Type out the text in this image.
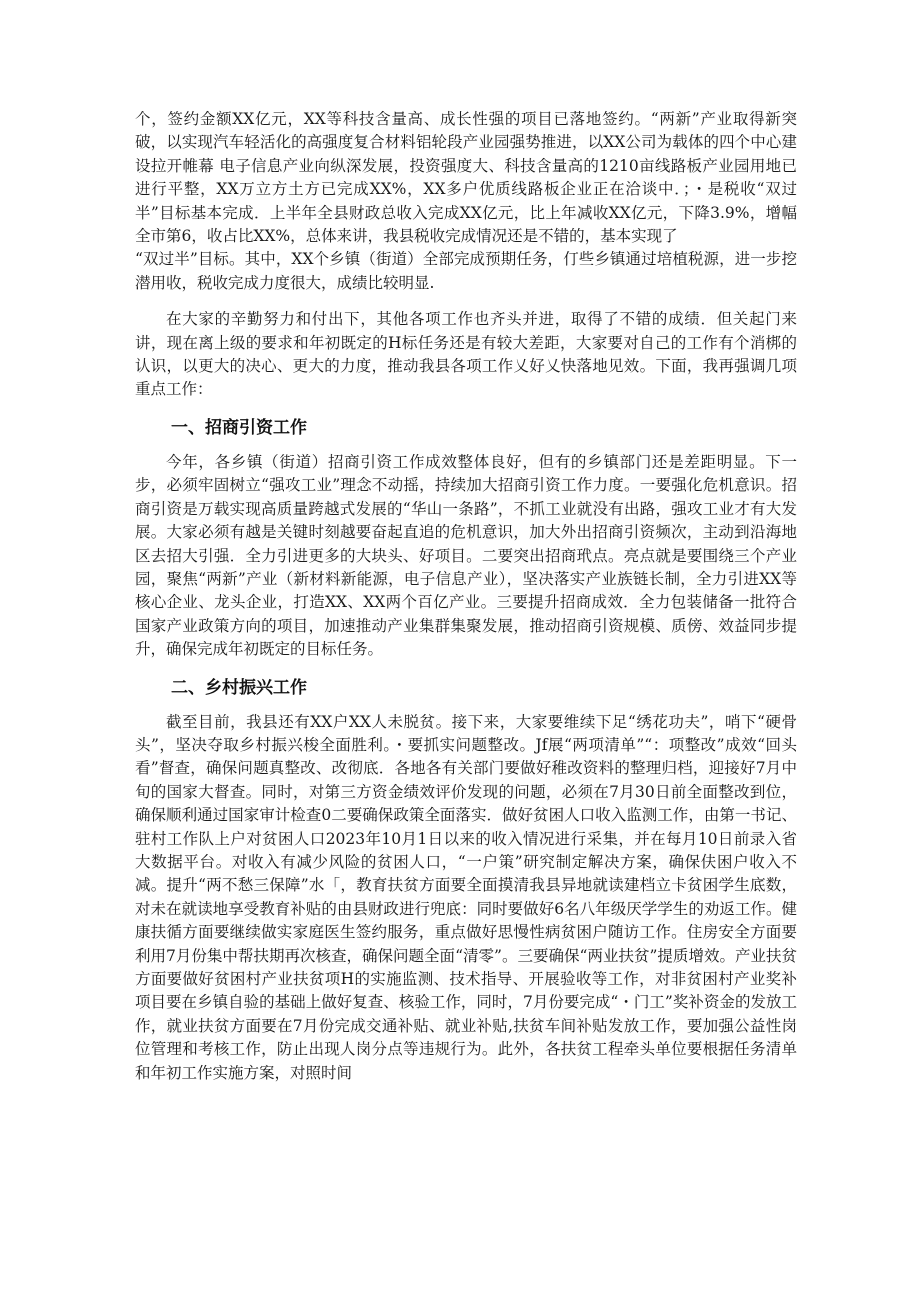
个，签约金额XX亿元，XX等科技含量高、成长性强的项目已落地签约。“两新”产业取得新突破，以实现汽车轻活化的高强度复合材料铝轮段产业园强势推进，以XX公司为载体的四个中心建设拉开帷幕 电子信息产业向纵深发展，投资强度大、科技含量高的1210亩线路板产业园用地已进行平整，XX万立方土方已完成XX%，XX多户优质线路板企业正在洽谈中．；・是税收“双过半”目标基本完成．上半年全县财政总收入完成XX亿元，比上年减收XX亿元，下降3.9%，增幅全市第6，收占比XX%，总体来讲，我县税收完成情况还是不错的，基本实现了

“双过半”目标。其中，XX个乡镇（街道）全部完成预期任务，仃些乡镇通过培植税源，进一步挖潜用收，税收完成力度很大，成绩比较明显.

在大家的辛勤努力和付出下，其他各项工作也齐头并进，取得了不错的成绩．但关起门来讲，现在离上级的要求和年初既定的H标任务还是有较大差距，大家要对自己的工作有个消梆的认识，以更大的决心、更大的力度，推动我县各项工作乂好乂快落地见效。下面，我再强调几项重点工作：

一、招商引资工作

今年，各乡镇（街道）招商引资工作成效整体良好，但有的乡镇部门还是差距明显。下一步，必须牢固树立“强攻工业”理念不动摇，持续加大招商引资工作力度。一要强化危机意识。招商引资是万载实现高质量跨越式发展的“华山一条路”，不抓工业就没有出路，强攻工业才有大发展。大家必须有越是关键时刻越要奋起直追的危机意识，加大外出招商引资频次，主动到沿海地区去招大引强．全力引进更多的大块头、好项目。二要突出招商玳点。亮点就是要围绕三个产业园，聚焦“两新”产业（新材料新能源，电子信息产业），坚决落实产业族链长制，全力引进XX等核心企业、龙头企业，打造XX、XX两个百亿产业。三要提升招商成效．全力包装储备一批符合国家产业政策方向的项目，加速推动产业集群集聚发展，推动招商引资规模、质傍、效益同步提升，确保完成年初既定的目标任务。

二、乡村振兴工作

截至目前，我县还有XX户XX人未脱贫。接下来，大家要维续下足“绣花功夫”，哨下“硬骨头”，坚决夺取乡村振兴梭全面胜利。・要抓实问题整改。Jf展“两项清单”“：项整改”成效“回头看”督查，确保问题真整改、改彻底．各地各有关部门要做好稚改资料的整理归档，迎接好7月中旬的国家大督查。同时，对第三方资金绩效评价发现的问题，必须在7月30日前全面整改到位，确保顺利通过国家审计检查0二要确保政策全面落实．做好贫困人口收入监测工作，由第一书记、驻村工作队上户对贫困人口2023年10月1日以来的收入情况进行采集，并在每月10日前录入省大数据平台。对收入有减少风险的贫困人口，“一户策”研究制定解决方案，确保伕困户收入不减。提升“两不愁三保障”水「，教育扶贫方面要全面摸清我县异地就读建档立卡贫困学生底数，对未在就读地享受教育补贴的由县财政进行兜底：同时要做好6名八年级厌学学生的劝返工作。健康扶循方面要继续做实家庭医生签约服务，重点做好思慢性病贫困户随访工作。住房安全方面要利用7月份集中帮扶期再次核查，确保问题全面“清零”。三要确保“两业扶贫”提质增效。产业扶贫方面要做好贫困村产业扶贫项H的实施监测、技术指导、开展验收等工作，对非贫困村产业奖补项目要在乡镇自验的基础上做好复查、核验工作，同时，7月份要完成“・门工”奖补资金的发放工作，就业扶贫方面要在7月份完成交通补贴、就业补贴,扶贫车间补贴发放工作，要加强公益性岗位管理和考核工作，防止出现人岗分点等违规行为。此外，各扶贫工程牵头单位要根据任务清单和年初工作实施方案，对照时间
